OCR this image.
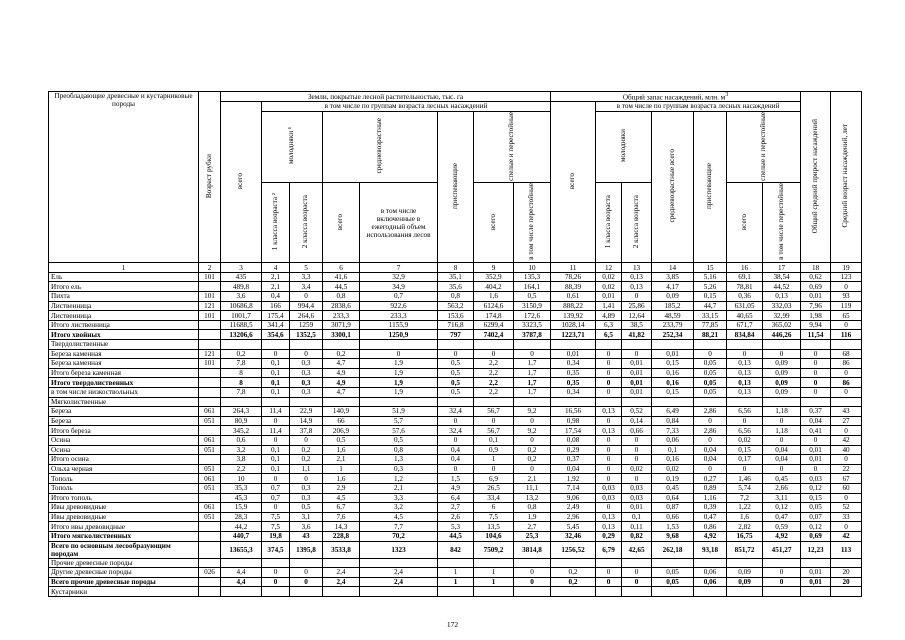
Преобладающие древесные и кустарниковые породы	Возраст рубки	Земли, покрытые лесной растительностью, тыс. га								Общий запас насаждений, млн. $м^3$							Общий средний прирост насаждений	Средний возраст насаждений, лет
		всего	в том числе по группам возраста лесных насаждений							всего	в том числе по группам возраста лесных насаждений							
			молодняки ¹		средневозрастные		приспевающие	спелые и перестойные			молодняки		средневозрастные всего	приспевающие	спелые и перестойные			
			1 класса возраста ²	2 класса возраста	всего	в том числе включенные в ежегодный объем использования лесов		всего	в том числе перестойные		1 класса возраста	2 класса возраста			всего	в том числе перестойные		
1	2	3	4	5	6	7	8	9	10	11	12	13	14	15	16	17	18	19
Ель	101	435	2,1	3,3	41,6	32,9	35,1	352,9	135,3	78,26	0,02	0,13	3,85	5,16	69,1	38,54	0,62	123
Итого ель		489,8	2,1	3,4	44,5	34,9	35,6	404,2	164,1	88,39	0,02	0,13	4,17	5,26	78,81	44,52	0,69	0
Пихта	101	3,6	0,4	0	0,8	0,7	0,8	1,6	0,5	0,61	0,01	0	0,09	0,15	0,36	0,13	0,01	93
Лиственница	121	10686,8	166	994,4	2838,6	922,6	563,2	6124,6	3150,9	888,22	1,41	25,86	185,2	44,7	631,05	332,03	7,96	119
Лиственница	101	1001,7	175,4	264,6	233,3	233,3	153,6	174,8	172,6	139,92	4,89	12,64	48,59	33,15	40,65	32,99	1,98	65
Итого лиственница		11688,5	341,4	1259	3071,9	1155,9	716,8	6299,4	3323,5	1028,14	6,3	38,5	233,79	77,85	671,7	365,02	9,94	0
Итого хвойных		13206,6	354,6	1352,5	3300,1	1250,9	797	7402,4	3787,8	1223,71	6,5	41,82	252,34	88,21	834,84	446,26	11,54	116
Твердолиственные																		
Береза каменная	121	0,2	0	0	0,2	0	0	0	0	0,01	0	0	0,01	0	0	0	0	68
Береза каменная	101	7,8	0,1	0,3	4,7	1,9	0,5	2,2	1,7	0,34	0	0,01	0,15	0,05	0,13	0,09	0	86
Итого береза каменная		8	0,1	0,3	4,9	1,9	0,5	2,2	1,7	0,35	0	0,01	0,16	0,05	0,13	0,09	0	0
Итого твердолиственных		8	0,1	0,3	4,9	1,9	0,5	2,2	1,7	0,35	0	0,01	0,16	0,05	0,13	0,09	0	86
в том числе низкоствольных		7,8	0,1	0,3	4,7	1,9	0,5	2,2	1,7	0,34	0	0,01	0,15	0,05	0,13	0,09	0	0
Мягколиственные																		
Береза	061	264,3	11,4	22,9	140,9	51,9	32,4	56,7	9,2	16,56	0,13	0,52	6,49	2,86	6,56	1,18	0,37	43
Береза	051	80,9	0	14,9	66	5,7	0	0	0	0,98	0	0,14	0,84	0	0	0	0,04	27
Итого береза		345,2	11,4	37,8	206,9	57,6	32,4	56,7	9,2	17,54	0,13	0,66	7,33	2,86	6,56	1,18	0,41	0
Осина	061	0,6	0	0	0,5	0,5	0	0,1	0	0,08	0	0	0,06	0	0,02	0	0	42
Осина	051	3,2	0,1	0,2	1,6	0,8	0,4	0,9	0,2	0,29	0	0	0,1	0,04	0,15	0,04	0,01	40
Итого осина		3,8	0,1	0,2	2,1	1,3	0,4	1	0,2	0,37	0	0	0,16	0,04	0,17	0,04	0,01	0
Ольха черная	051	2,2	0,1	1,1	1	0,3	0	0	0	0,04	0	0,02	0,02	0	0	0	0	22
Тополь	061	10	0	0	1,6	1,2	1,5	6,9	2,1	1,92	0	0	0,19	0,27	1,46	0,45	0,03	67
Тополь	051	35,3	0,7	0,3	2,9	2,1	4,9	26,5	11,1	7,14	0,03	0,03	0,45	0,89	5,74	2,66	0,12	60
Итого тополь		45,3	0,7	0,3	4,5	3,3	6,4	33,4	13,2	9,06	0,03	0,03	0,64	1,16	7,2	3,11	0,15	0
Ивы древовидные	061	15,9	0	0,5	6,7	3,2	2,7	6	0,8	2,49	0	0,01	0,87	0,39	1,22	0,12	0,05	52
Ивы древовидные	051	28,3	7,5	3,1	7,6	4,5	2,6	7,5	1,9	2,96	0,13	0,1	0,66	0,47	1,6	0,47	0,07	33
Итого ивы древовидные		44,2	7,5	3,6	14,3	7,7	5,3	13,5	2,7	5,45	0,13	0,11	1,53	0,86	2,82	0,59	0,12	0
Итого мягколиственных		440,7	19,8	43	228,8	70,2	44,5	104,6	25,3	32,46	0,29	0,82	9,68	4,92	16,75	4,92	0,69	42
Всего по основным лесообразующим породам		13655,3	374,5	1395,8	3533,8	1323	842	7509,2	3814,8	1256,52	6,79	42,65	262,18	93,18	851,72	451,27	12,23	113
Прочие древесные породы																		
Другие древесные породы	026	4,4	0	0	2,4	2,4	1	1	0	0,2	0	0	0,05	0,06	0,09	0	0,01	20
Всего прочие древесные породы		4,4	0	0	2,4	2,4	1	1	0	0,2	0	0	0,05	0,06	0,09	0	0,01	20
Кустарники																		
172
